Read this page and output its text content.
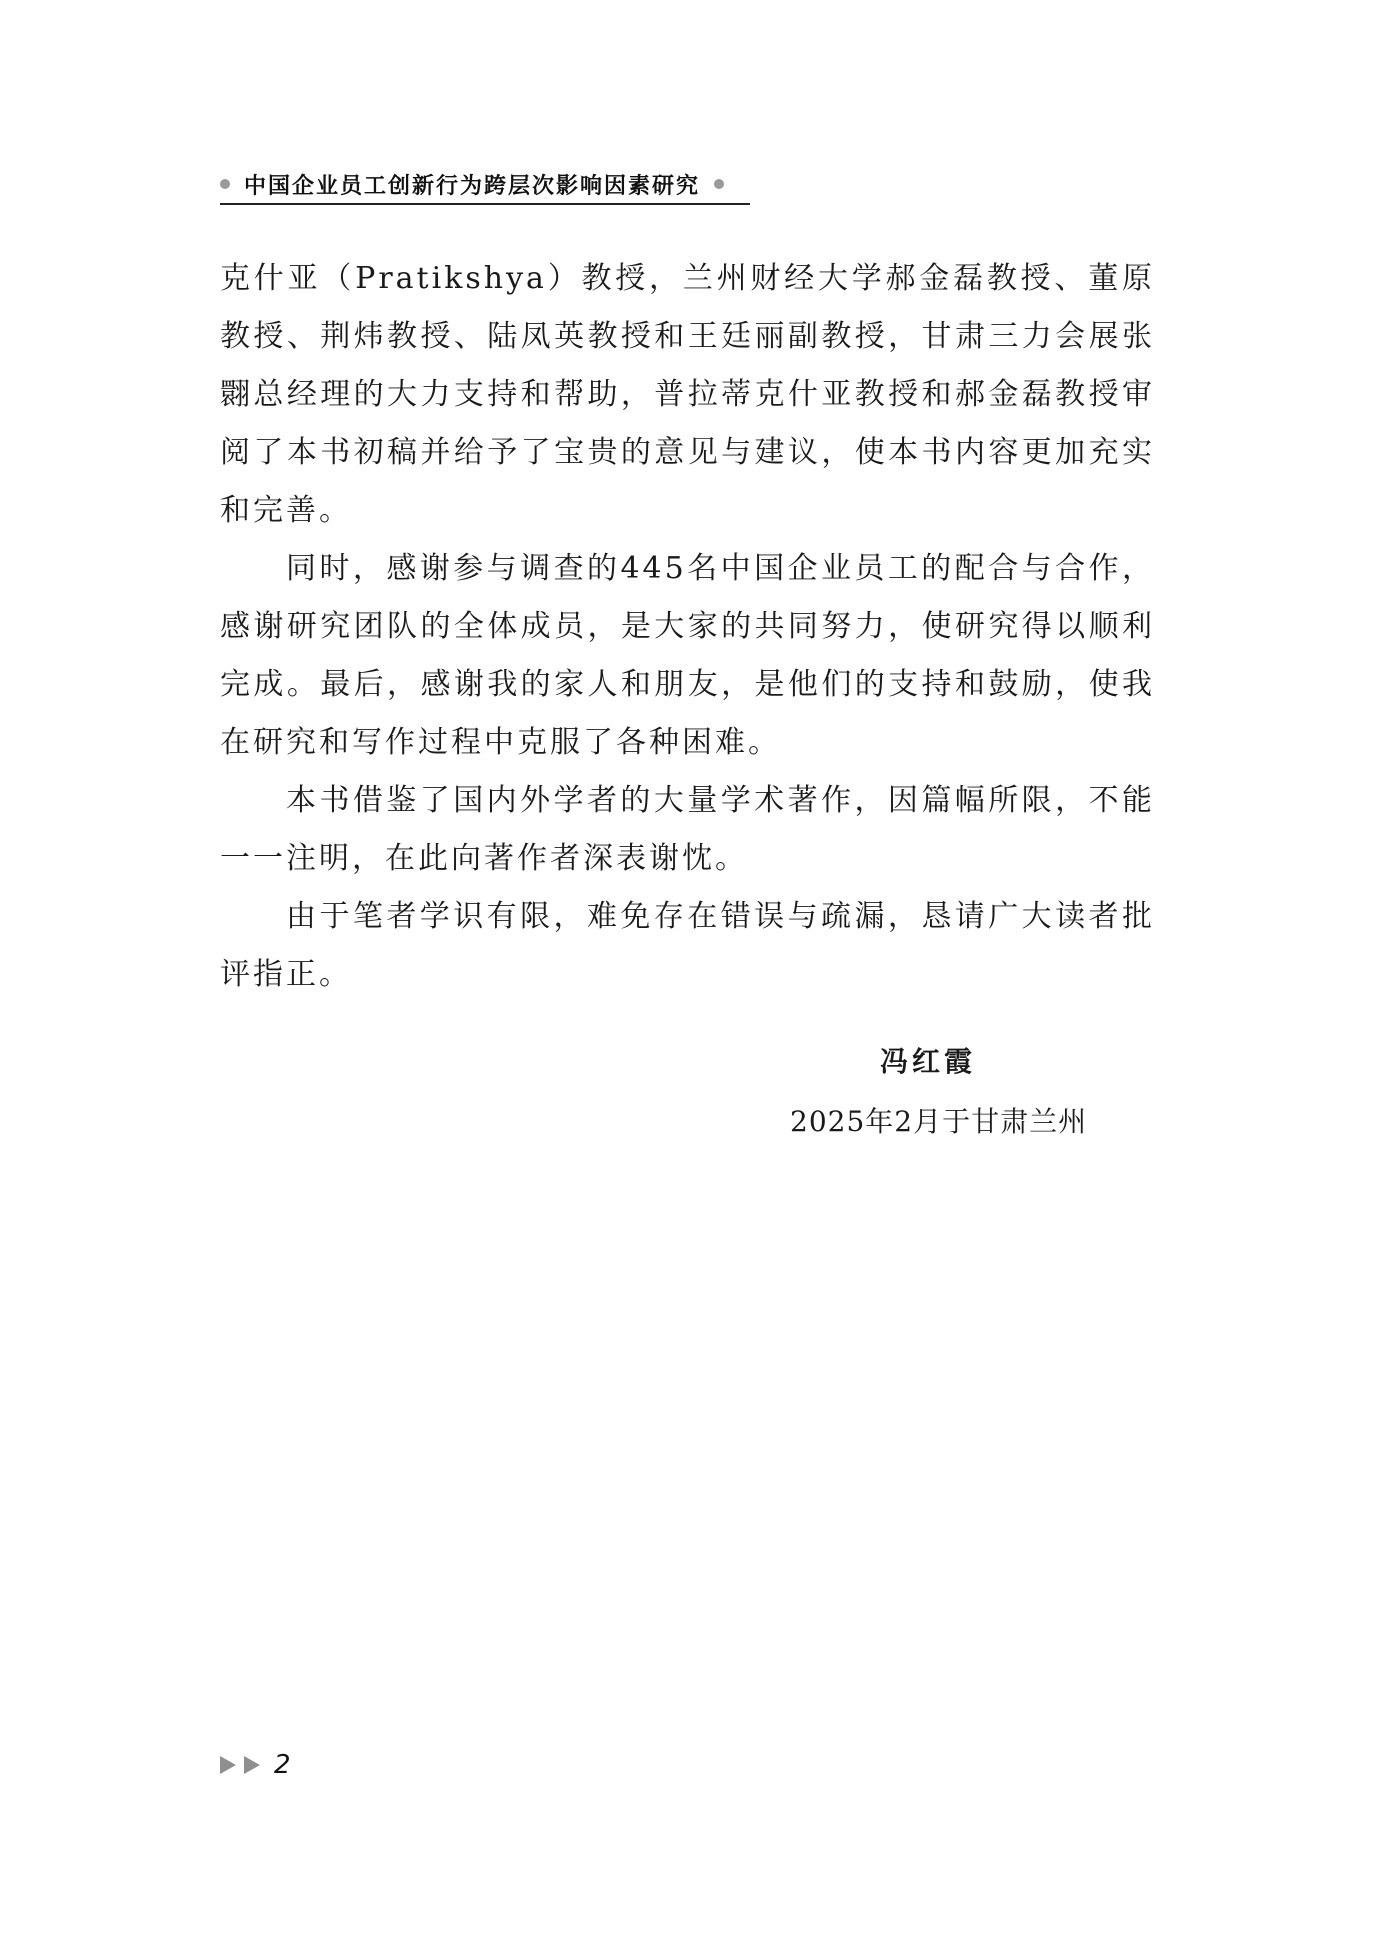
中国企业员工创新行为跨层次影响因素研究

克什亚（Pratikshya）教授，兰州财经大学郝金磊教授、董原教授、荆炜教授、陆凤英教授和王廷丽副教授，甘肃三力会展张翾总经理的大力支持和帮助，普拉蒂克什亚教授和郝金磊教授审阅了本书初稿并给予了宝贵的意见与建议，使本书内容更加充实和完善。

同时，感谢参与调查的445名中国企业员工的配合与合作，感谢研究团队的全体成员，是大家的共同努力，使研究得以顺利完成。最后，感谢我的家人和朋友，是他们的支持和鼓励，使我在研究和写作过程中克服了各种困难。

本书借鉴了国内外学者的大量学术著作，因篇幅所限，不能一一注明，在此向著作者深表谢忱。

由于笔者学识有限，难免存在错误与疏漏，恳请广大读者批评指正。

冯红霞
2025年2月于甘肃兰州
2
